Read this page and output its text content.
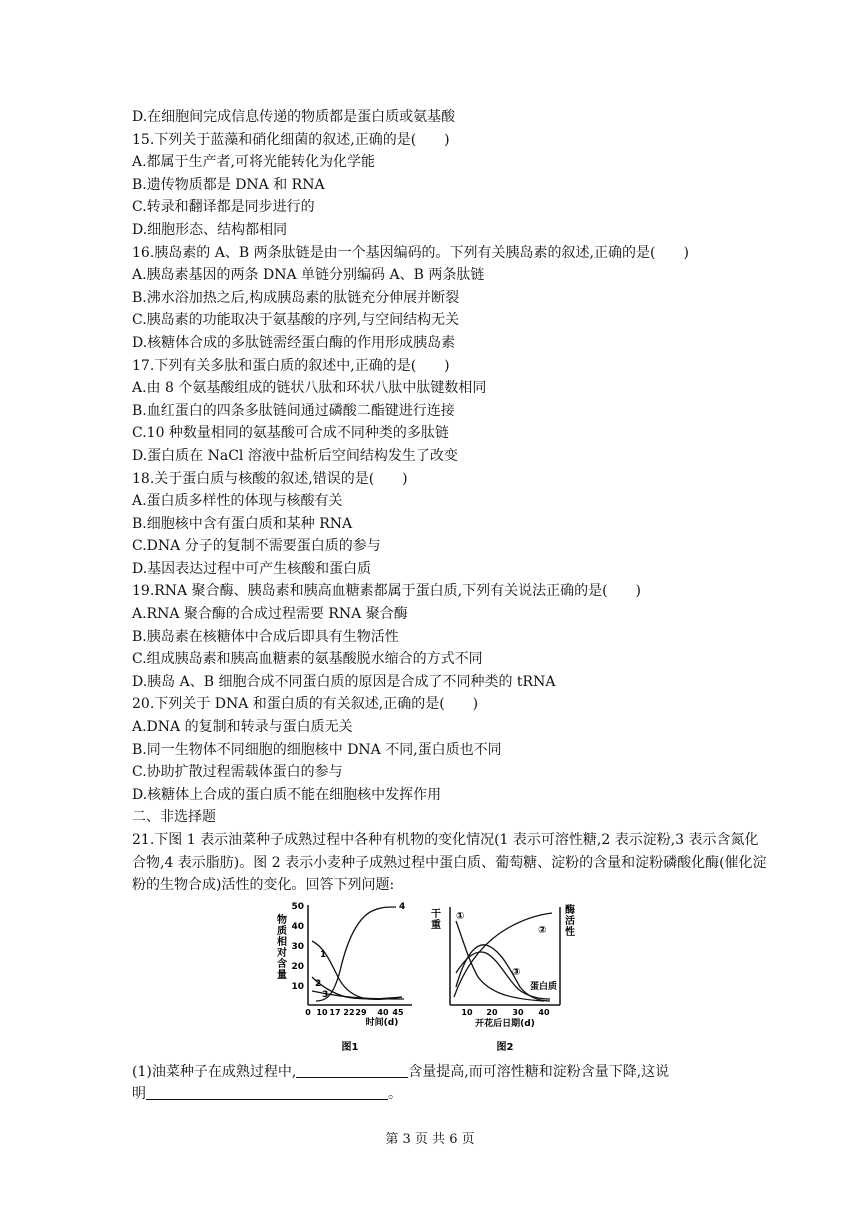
D.在细胞间完成信息传递的物质都是蛋白质或氨基酸
15.下列关于蓝藻和硝化细菌的叙述,正确的是(　　)
A.都属于生产者,可将光能转化为化学能
B.遗传物质都是 DNA 和 RNA
C.转录和翻译都是同步进行的
D.细胞形态、结构都相同
16.胰岛素的 A、B 两条肽链是由一个基因编码的。下列有关胰岛素的叙述,正确的是(　　)
A.胰岛素基因的两条 DNA 单链分别编码 A、B 两条肽链
B.沸水浴加热之后,构成胰岛素的肽链充分伸展并断裂
C.胰岛素的功能取决于氨基酸的序列,与空间结构无关
D.核糖体合成的多肽链需经蛋白酶的作用形成胰岛素
17.下列有关多肽和蛋白质的叙述中,正确的是(　　)
A.由 8 个氨基酸组成的链状八肽和环状八肽中肽键数相同
B.血红蛋白的四条多肽链间通过磷酸二酯键进行连接
C.10 种数量相同的氨基酸可合成不同种类的多肽链
D.蛋白质在 NaCl 溶液中盐析后空间结构发生了改变
18.关于蛋白质与核酸的叙述,错误的是(　　)
A.蛋白质多样性的体现与核酸有关
B.细胞核中含有蛋白质和某种 RNA
C.DNA 分子的复制不需要蛋白质的参与
D.基因表达过程中可产生核酸和蛋白质
19.RNA 聚合酶、胰岛素和胰高血糖素都属于蛋白质,下列有关说法正确的是(　　)
A.RNA 聚合酶的合成过程需要 RNA 聚合酶
B.胰岛素在核糖体中合成后即具有生物活性
C.组成胰岛素和胰高血糖素的氨基酸脱水缩合的方式不同
D.胰岛 A、B 细胞合成不同蛋白质的原因是合成了不同种类的 tRNA
20.下列关于 DNA 和蛋白质的有关叙述,正确的是(　　)
A.DNA 的复制和转录与蛋白质无关
B.同一生物体不同细胞的细胞核中 DNA 不同,蛋白质也不同
C.协助扩散过程需载体蛋白的参与
D.核糖体上合成的蛋白质不能在细胞核中发挥作用
二、非选择题
21.下图 1 表示油菜种子成熟过程中各种有机物的变化情况(1 表示可溶性糖,2 表示淀粉,3 表示含氮化合物,4 表示脂肪)。图 2 表示小麦种子成熟过程中蛋白质、葡萄糖、淀粉的含量和淀粉磷酸化酶(催化淀粉的生物合成)活性的变化。回答下列问题:
物
质
相
对
含
量
50
40
30
20
10
0 10 17 22 29 40 45
时间(d)
1
2
3
4
图1
干
重
酶
活
性
10 20 30 40
开花后日期(d)
①
②
③
蛋白质
图2
(1)油菜种子在成熟过程中,	含量提高,而可溶性糖和淀粉含量下降,这说
明	。
第 3 页 共 6 页
